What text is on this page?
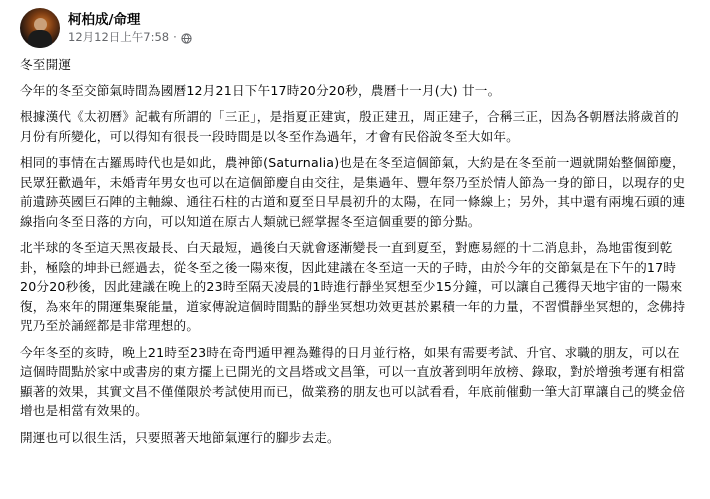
柯柏成/命理
12月12日上午7:58 ·

冬至開運

今年的冬至交節氣時間為國曆12月21日下午17時20分20秒，農曆十一月(大) 廿一。

根據漢代《太初曆》記載有所謂的「三正」，是指夏正建寅，殷正建丑，周正建子，合稱三正，因為各朝曆法將歲首的月份有所變化，可以得知有很長一段時間是以冬至作為過年，才會有民俗說冬至大如年。

相同的事情在古羅馬時代也是如此，農神節(Saturnalia)也是在冬至這個節氣，大約是在冬至前一週就開始整個節慶，民眾狂歡過年，未婚青年男女也可以在這個節慶自由交往，是集過年、豐年祭乃至於情人節為一身的節日，以現存的史前遺跡英國巨石陣的主軸線、通往石柱的古道和夏至日早晨初升的太陽，在同一條線上；另外，其中還有兩塊石頭的連線指向冬至日落的方向，可以知道在原古人類就已經掌握冬至這個重要的節分點。

北半球的冬至這天黑夜最長、白天最短，過後白天就會逐漸變長一直到夏至，對應易經的十二消息卦，為地雷復到乾卦，極陰的坤卦已經過去，從冬至之後一陽來復，因此建議在冬至這一天的子時，由於今年的交節氣是在下午的17時20分20秒後，因此建議在晚上的23時至隔天凌晨的1時進行靜坐冥想至少15分鐘，可以讓自己獲得天地宇宙的一陽來復，為來年的開運集聚能量，道家傳說這個時間點的靜坐冥想功效更甚於累積一年的力量，不習慣靜坐冥想的，念佛持咒乃至於誦經都是非常理想的。

今年冬至的亥時，晚上21時至23時在奇門遁甲裡為難得的日月並行格，如果有需要考試、升官、求職的朋友，可以在這個時間點於家中或書房的東方擺上已開光的文昌塔或文昌筆，可以一直放著到明年放榜、錄取，對於增強考運有相當顯著的效果，其實文昌不僅僅限於考試使用而已，做業務的朋友也可以試看看，年底前催動一筆大訂單讓自己的獎金倍增也是相當有效果的。

開運也可以很生活，只要照著天地節氣運行的腳步去走。
